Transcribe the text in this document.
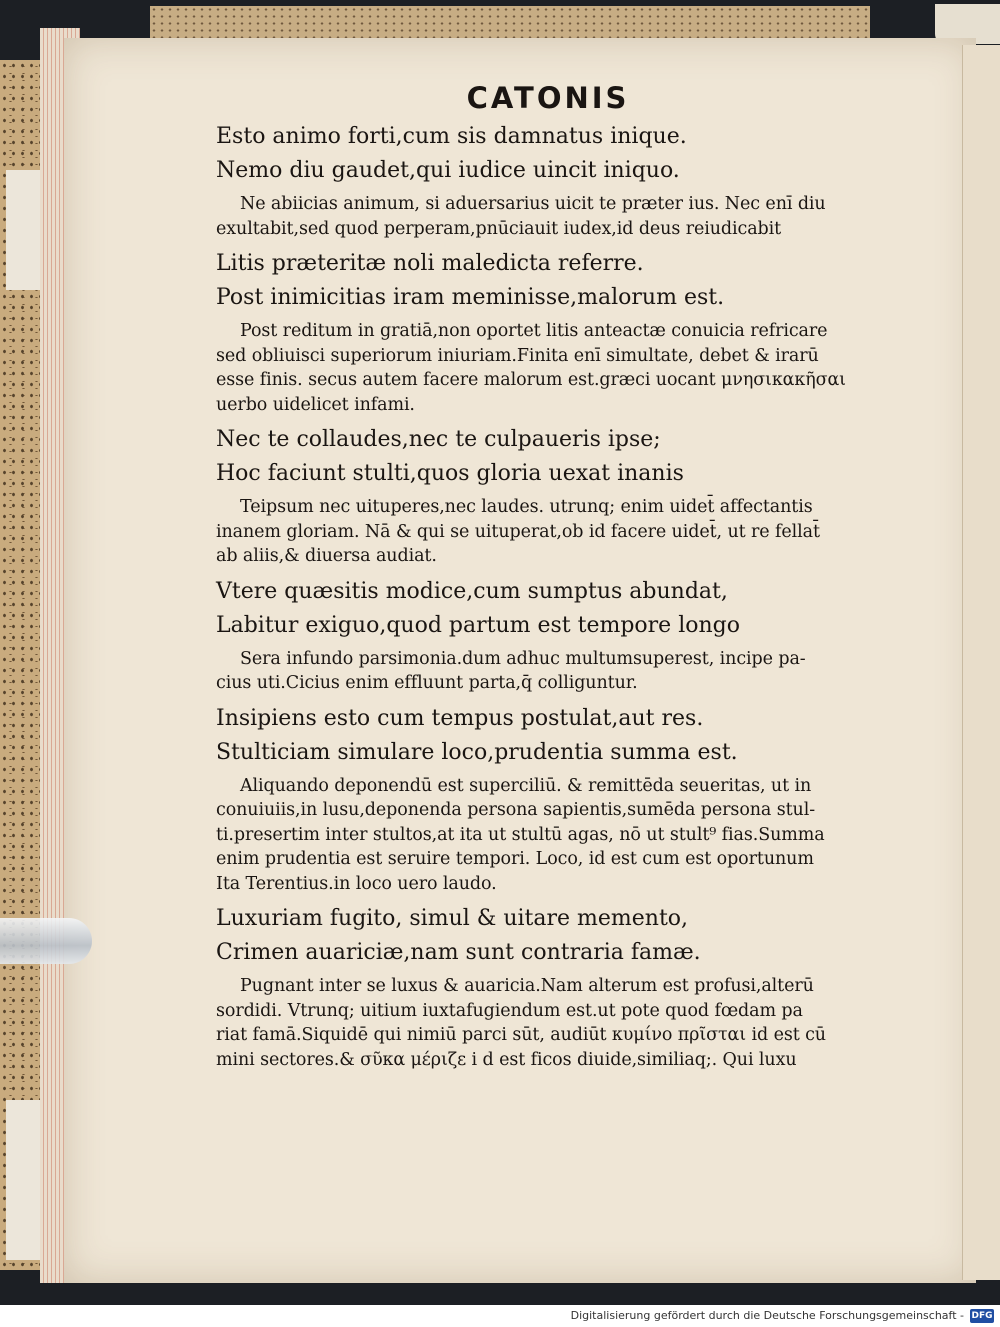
CATONIS
Esto animo forti,cum sis damnatus inique.
Nemo diu gaudet,qui iudice uincit iniquo.
Ne abiicias animum, si aduersarius uicit te præter ius. Nec enī diu
exultabit,sed quod perperam,pnūciauit iudex,id deus reiudicabit
Litis præteritæ noli maledicta referre.
Post inimicitias iram meminisse,malorum est.
Post reditum in gratiā,non oportet litis anteactæ conuicia refricare
sed obliuisci superiorum iniuriam.Finita enī simultate, debet & irarū
esse finis. secus autem facere malorum est.græci uocant μνησικακῆσαι
uerbo uidelicet infami.
Nec te collaudes,nec te culpaueris ipse;
Hoc faciunt stulti,quos gloria uexat inanis
Teipsum nec uituperes,nec laudes. utrunq; enim uidet̄ affectantis
inanem gloriam. Nā & qui se uituperat,ob id facere uidet̄, ut re fellat̄
ab aliis,& diuersa audiat.
Vtere quæsitis modice,cum sumptus abundat,
Labitur exiguo,quod partum est tempore longo
Sera infundo parsimonia.dum adhuc multumsuperest, incipe pa-
cius uti.Cicius enim effluunt parta,q̄ colliguntur.
Insipiens esto cum tempus postulat,aut res.
Stulticiam simulare loco,prudentia summa est.
Aliquando deponendū est superciliū. & remittēda seueritas, ut in
conuiuiis,in lusu,deponenda persona sapientis,sumēda persona stul-
ti.presertim inter stultos,at ita ut stultū agas, nō ut stult⁹ fias.Summa
enim prudentia est seruire tempori. Loco, id est cum est oportunum
Ita Terentius.in loco uero laudo.
Luxuriam fugito, simul & uitare memento,
Crimen auariciæ,nam sunt contraria famæ.
Pugnant inter se luxus & auaricia.Nam alterum est profusi,alterū
sordidi. Vtrunq; uitium iuxtafugiendum est.ut pote quod fœdam pa
riat famā.Siquidē qui nimiū parci sūt, audiūt κυμίνο πρῖσται id est cū
mini sectores.& σῦκα μέριζε i d est ficos diuide,similiaq;. Qui luxu
Digitalisierung gefördert durch die Deutsche Forschungsgemeinschaft - DFG
